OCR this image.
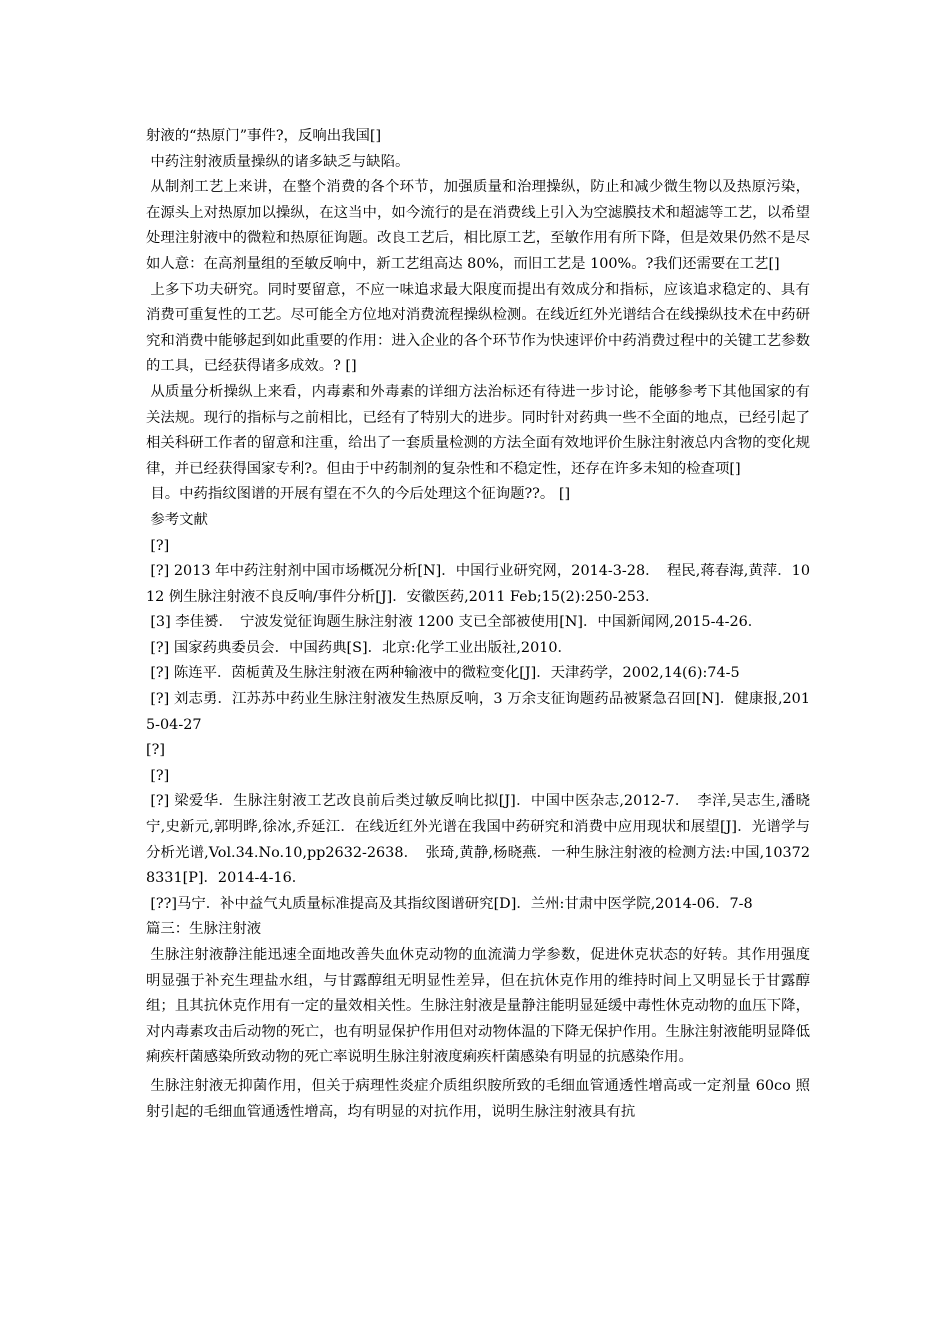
射液的“热原门”事件?，反响出我国[]

中药注射液质量操纵的诸多缺乏与缺陷。

从制剂工艺上来讲，在整个消费的各个环节，加强质量和治理操纵，防止和减少微生物以及热原污染，在源头上对热原加以操纵，在这当中，如今流行的是在消费线上引入为空滤膜技术和超滤等工艺，以希望处理注射液中的微粒和热原征询题。改良工艺后，相比原工艺，至敏作用有所下降，但是效果仍然不是尽如人意：在高剂量组的至敏反响中，新工艺组高达 80%，而旧工艺是 100%。?我们还需要在工艺[]

上多下功夫研究。同时要留意，不应一味追求最大限度而提出有效成分和指标，应该追求稳定的、具有消费可重复性的工艺。尽可能全方位地对消费流程操纵检测。在线近红外光谱结合在线操纵技术在中药研究和消费中能够起到如此重要的作用：进入企业的各个环节作为快速评价中药消费过程中的关键工艺参数的工具，已经获得诸多成效。? []

从质量分析操纵上来看，内毒素和外毒素的详细方法治标还有待进一步讨论，能够参考下其他国家的有关法规。现行的指标与之前相比，已经有了特别大的进步。同时针对药典一些不全面的地点，已经引起了相关科研工作者的留意和注重，给出了一套质量检测的方法全面有效地评价生脉注射液总内含物的变化规律，并已经获得国家专利?。但由于中药制剂的复杂性和不稳定性，还存在许多未知的检查项[]

目。中药指纹图谱的开展有望在不久的今后处理这个征询题??。 []

参考文献

[?]

[?] 2013 年中药注射剂中国市场概况分析[N]．中国行业研究网，2014-3-28．　程民,蒋春海,黄萍．1012 例生脉注射液不良反响/事件分析[J]．安徽医药,2011 Feb;15(2):250-253．

[3] 李佳赟．　宁波发觉征询题生脉注射液 1200 支已全部被使用[N]．中国新闻网,2015-4-26．

[?] 国家药典委员会．中国药典[S]．北京:化学工业出版社,2010．

[?] 陈连平．茵栀黄及生脉注射液在两种输液中的微粒变化[J]．天津药学，2002,14(6):74-5

[?] 刘志勇．江苏苏中药业生脉注射液发生热原反响，3 万余支征询题药品被紧急召回[N]．健康报,2015-04-27

[?]

[?]

[?] 梁爱华．生脉注射液工艺改良前后类过敏反响比拟[J]．中国中医杂志,2012-7．　李洋,吴志生,潘晓宁,史新元,郭明晔,徐冰,乔延江．在线近红外光谱在我国中药研究和消费中应用现状和展望[J]．光谱学与分析光谱,Vol.34.No.10,pp2632-2638．　张琦,黄静,杨晓燕．一种生脉注射液的检测方法:中国,103728331[P]．2014-4-16．

[??]马宁．补中益气丸质量标准提高及其指纹图谱研究[D]．兰州:甘肃中医学院,2014-06．7-8

篇三：生脉注射液

生脉注射液静注能迅速全面地改善失血休克动物的血流満力学参数，促进休克状态的好转。其作用强度明显强于补充生理盐水组，与甘露醇组无明显性差异，但在抗休克作用的维持时间上又明显长于甘露醇组；且其抗休克作用有一定的量效相关性。生脉注射液是量静注能明显延缓中毒性休克动物的血压下降，对内毒素攻击后动物的死亡，也有明显保护作用但对动物体温的下降无保护作用。生脉注射液能明显降低痢疾杆菌感染所致动物的死亡率说明生脉注射液度痢疾杆菌感染有明显的抗感染作用。

生脉注射液无抑菌作用，但关于病理性炎症介质组织胺所致的毛细血管通透性增高或一定剂量 60co 照射引起的毛细血管通透性增高，均有明显的对抗作用，说明生脉注射液具有抗
